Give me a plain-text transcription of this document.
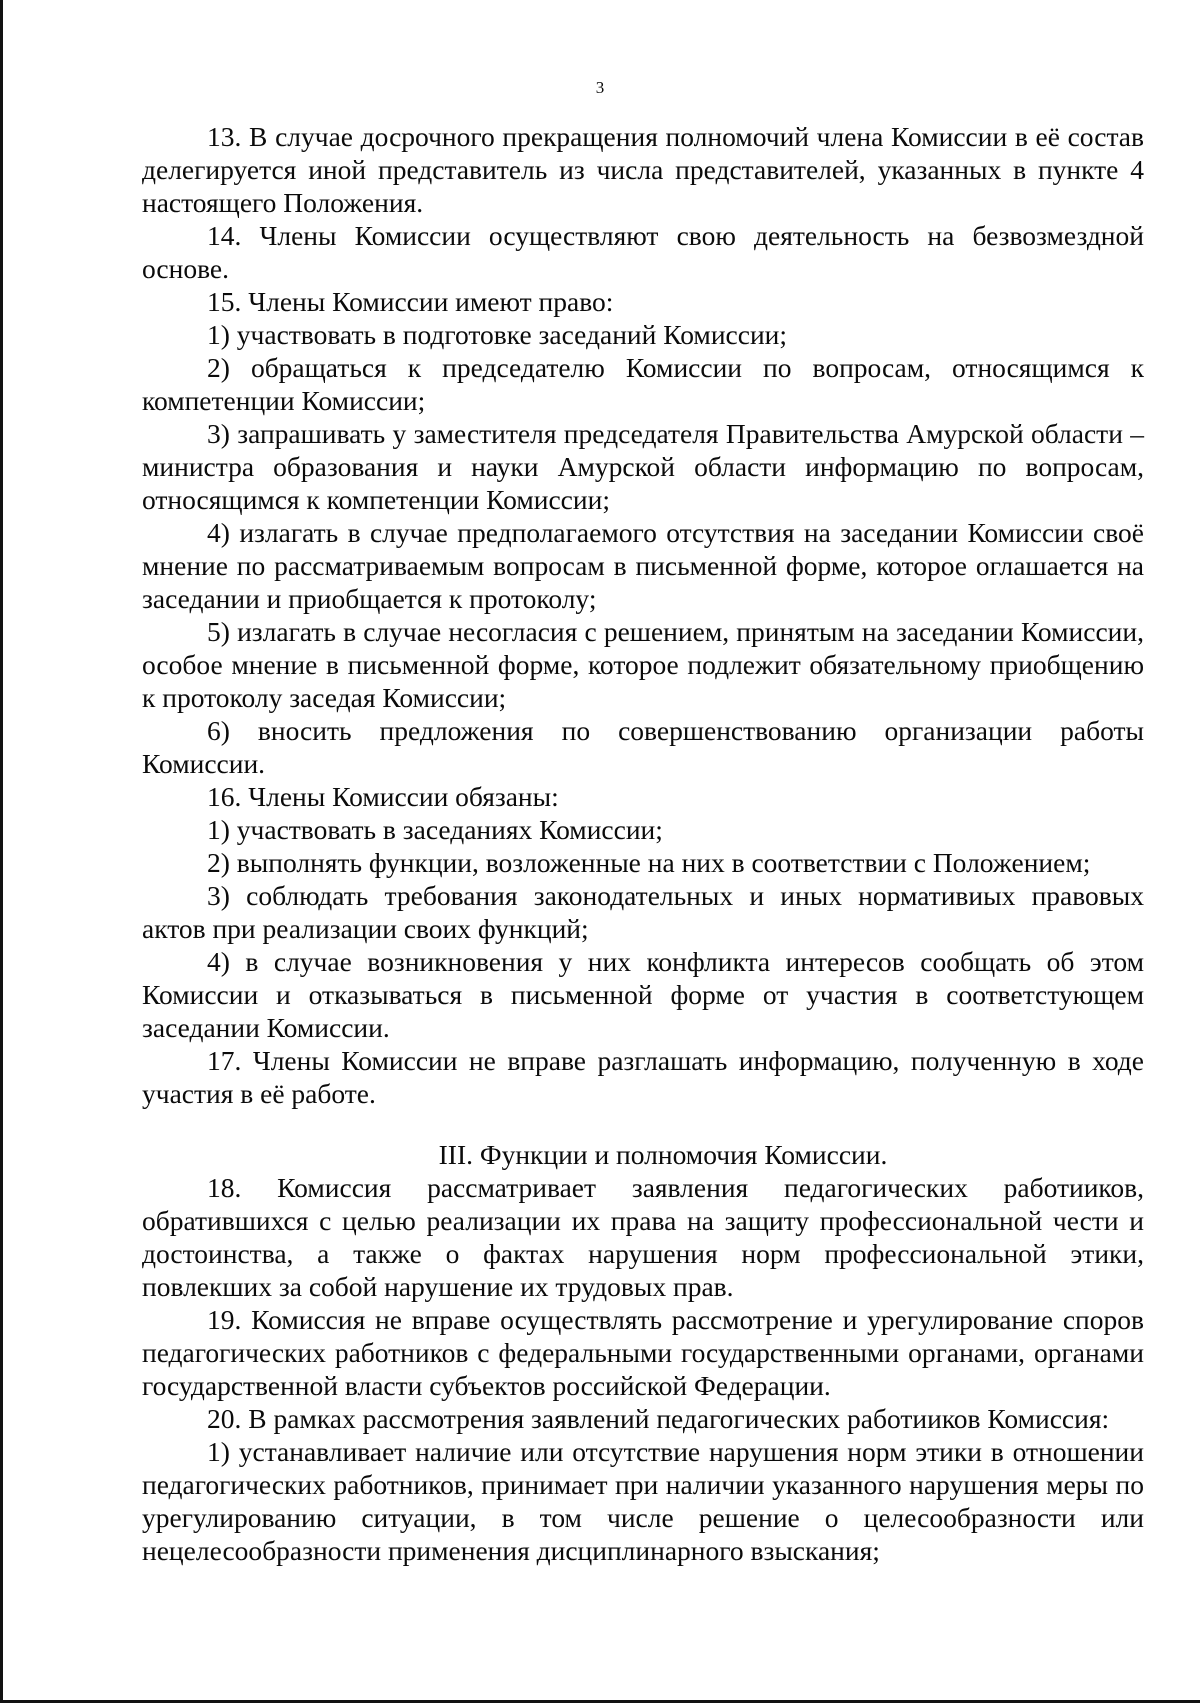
3

13. В случае досрочного прекращения полномочий члена Комиссии в её состав делегируется иной представитель из числа представителей, указанных в пункте 4 настоящего Положения.

14. Члены Комиссии осуществляют свою деятельность на безвозмездной основе.

15. Члены Комиссии имеют право:

1) участвовать в подготовке заседаний Комиссии;

2) обращаться к председателю Комиссии по вопросам, относящимся к компетенции Комиссии;

3) запрашивать у заместителя председателя Правительства Амурской области – министра образования и науки Амурской области информацию по вопросам, относящимся к компетенции Комиссии;

4) излагать в случае предполагаемого отсутствия на заседании Комиссии своё мнение по рассматриваемым вопросам в письменной форме, которое оглашается на заседании и приобщается к протоколу;

5) излагать в случае несогласия с решением, принятым на заседании Комиссии, особое мнение в письменной форме, которое подлежит обязательному приобщению к протоколу заседая Комиссии;

6) вносить предложения по совершенствованию организации работы Комиссии.

16. Члены Комиссии обязаны:

1) участвовать в заседаниях Комиссии;

2) выполнять функции, возложенные на них в соответствии с Положением;

3) соблюдать требования законодательных и иных нормативиых правовых актов при реализации своих функций;

4) в случае возникновения у них конфликта интересов сообщать об этом Комиссии и отказываться в письменной форме от участия в соответстующем заседании Комиссии.

17. Члены Комиссии не вправе разглашать информацию, полученную в ходе участия в её работе.

III. Функции и полномочия Комиссии.

18. Комиссия рассматривает заявления педагогических работииков, обратившихся с целью реализации их права на защиту профессиональной чести и достоинства, а также о фактах нарушения норм профессиональной этики, повлекших за собой нарушение их трудовых прав.

19. Комиссия не вправе осуществлять рассмотрение и урегулирование споров педагогических работников с федеральными государственными органами, органами государственной власти субъектов российской Федерации.

20. В рамках рассмотрения заявлений педагогических работииков Комиссия:

1) устанавливает наличие или отсутствие нарушения норм этики в отношении педагогических работников, принимает при наличии указанного нарушения меры по урегулированию ситуации, в том числе решение о целесообразности или нецелесообразности применения дисциплинарного взыскания;
